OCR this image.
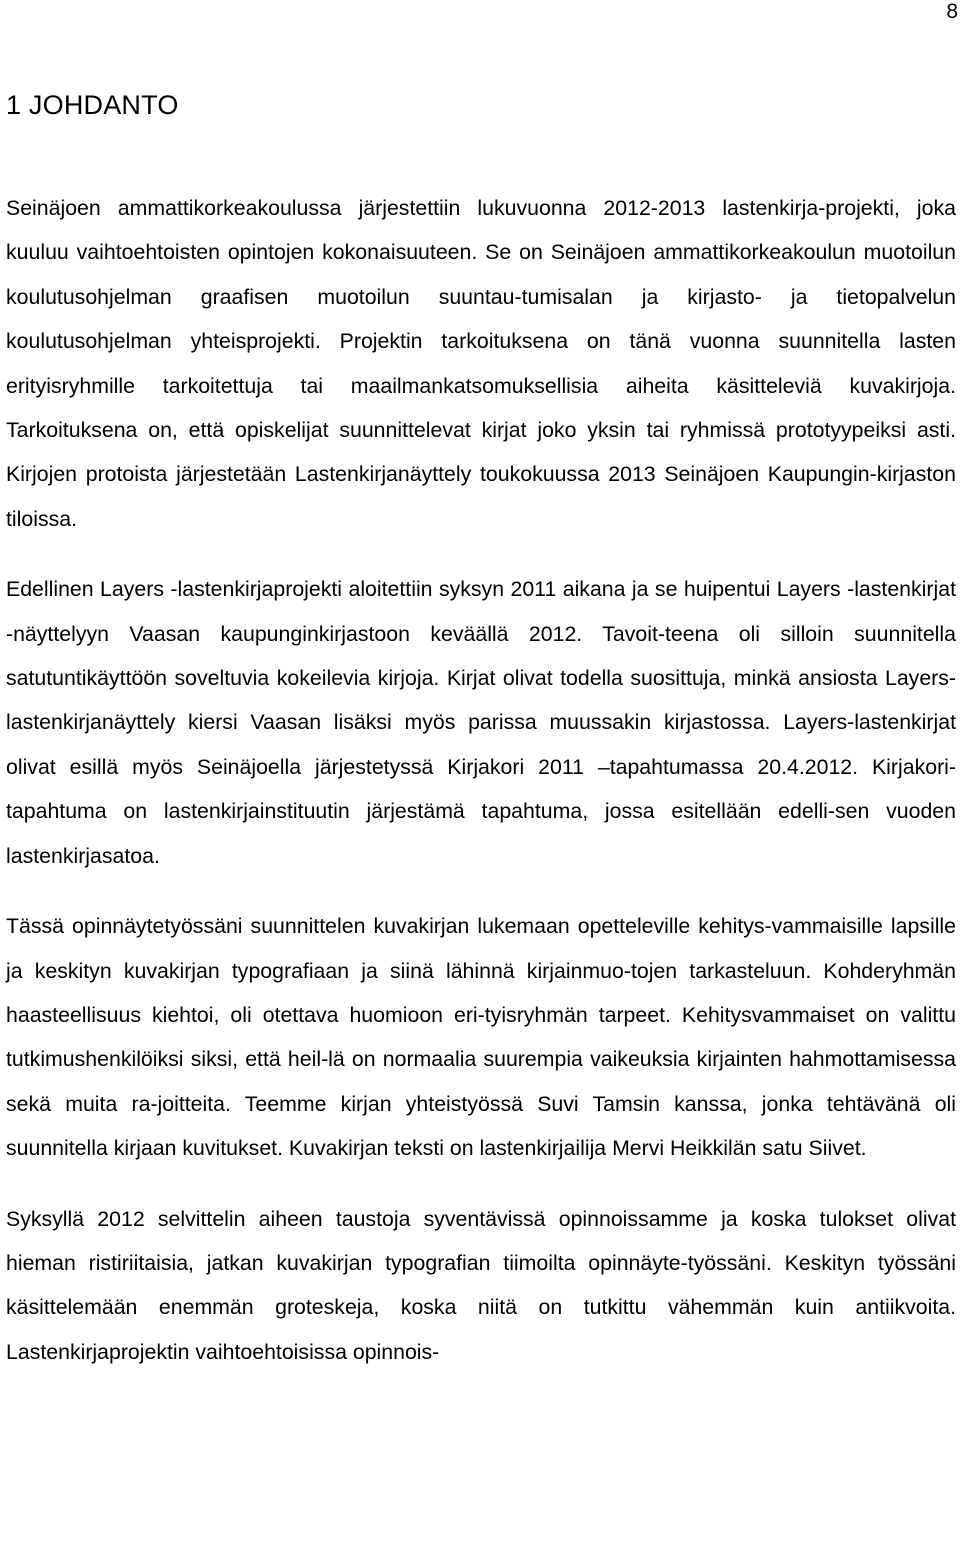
8
1 JOHDANTO

Seinäjoen ammattikorkeakoulussa järjestettiin lukuvuonna 2012-2013 lastenkirja-projekti, joka kuuluu vaihtoehtoisten opintojen kokonaisuuteen. Se on Seinäjoen ammattikorkeakoulun muotoilun koulutusohjelman graafisen muotoilun suuntau-tumisalan ja kirjasto- ja tietopalvelun koulutusohjelman yhteisprojekti. Projektin tarkoituksena on tänä vuonna suunnitella lasten erityisryhmille tarkoitettuja tai maailmankatsomuksellisia aiheita käsitteleviä kuvakirjoja. Tarkoituksena on, että opiskelijat suunnittelevat kirjat joko yksin tai ryhmissä prototyypeiksi asti. Kirjojen protoista järjestetään Lastenkirjanäyttely toukokuussa 2013 Seinäjoen Kaupungin-kirjaston tiloissa.

Edellinen Layers -lastenkirjaprojekti aloitettiin syksyn 2011 aikana ja se huipentui Layers -lastenkirjat -näyttelyyn Vaasan kaupunginkirjastoon keväällä 2012. Tavoit-teena oli silloin suunnitella satutuntikäyttöön soveltuvia kokeilevia kirjoja. Kirjat olivat todella suosittuja, minkä ansiosta Layers-lastenkirjanäyttely kiersi Vaasan lisäksi myös parissa muussakin kirjastossa. Layers-lastenkirjat olivat esillä myös Seinäjoella järjestetyssä Kirjakori 2011 –tapahtumassa 20.4.2012. Kirjakori-tapahtuma on lastenkirjainstituutin järjestämä tapahtuma, jossa esitellään edelli-sen vuoden lastenkirjasatoa.

Tässä opinnäytetyössäni suunnittelen kuvakirjan lukemaan opetteleville kehitys-vammaisille lapsille ja keskityn kuvakirjan typografiaan ja siinä lähinnä kirjainmuo-tojen tarkasteluun. Kohderyhmän haasteellisuus kiehtoi, oli otettava huomioon eri-tyisryhmän tarpeet. Kehitysvammaiset on valittu tutkimushenkilöiksi siksi, että heil-lä on normaalia suurempia vaikeuksia kirjainten hahmottamisessa sekä muita ra-joitteita. Teemme kirjan yhteistyössä Suvi Tamsin kanssa, jonka tehtävänä oli suunnitella kirjaan kuvitukset. Kuvakirjan teksti on lastenkirjailija Mervi Heikkilän satu Siivet.

Syksyllä 2012 selvittelin aiheen taustoja syventävissä opinnoissamme ja koska tulokset olivat hieman ristiriitaisia, jatkan kuvakirjan typografian tiimoilta opinnäyte-työssäni. Keskityn työssäni käsittelemään enemmän groteskeja, koska niitä on tutkittu vähemmän kuin antiikvoita. Lastenkirjaprojektin vaihtoehtoisissa opinnois-
